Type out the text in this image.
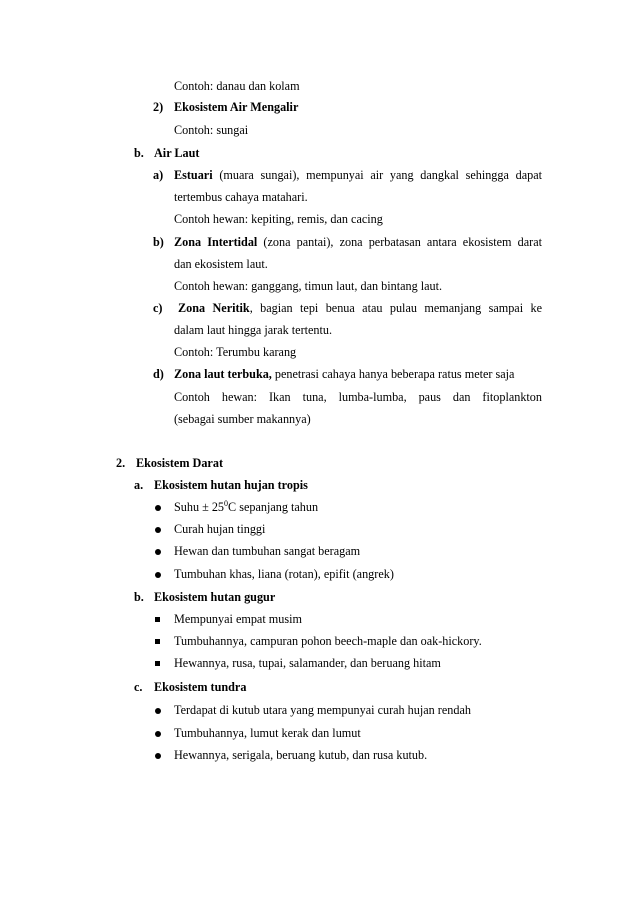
Contoh: danau dan kolam
2) Ekosistem Air Mengalir
Contoh: sungai
b. Air Laut
a) Estuari (muara sungai), mempunyai air yang dangkal sehingga dapat
tertembus cahaya matahari.
Contoh hewan: kepiting, remis, dan cacing
b) Zona Intertidal (zona pantai), zona perbatasan antara ekosistem darat
dan ekosistem laut.
Contoh hewan: ganggang, timun laut, dan bintang laut.
c) Zona Neritik, bagian tepi benua atau pulau memanjang sampai ke
dalam laut hingga jarak tertentu.
Contoh: Terumbu karang
d) Zona laut terbuka, penetrasi cahaya hanya beberapa ratus meter saja
Contoh hewan: Ikan tuna, lumba-lumba, paus dan fitoplankton
(sebagai sumber makannya)
2. Ekosistem Darat
a. Ekosistem hutan hujan tropis
Suhu ± $25^0C$ sepanjang tahun
Curah hujan tinggi
Hewan dan tumbuhan sangat beragam
Tumbuhan khas, liana (rotan), epifit (angrek)
b. Ekosistem hutan gugur
Mempunyai empat musim
Tumbuhannya, campuran pohon beech-maple dan oak-hickory.
Hewannya, rusa, tupai, salamander, dan beruang hitam
c. Ekosistem tundra
Terdapat di kutub utara yang mempunyai curah hujan rendah
Tumbuhannya, lumut kerak dan lumut
Hewannya, serigala, beruang kutub, dan rusa kutub.
